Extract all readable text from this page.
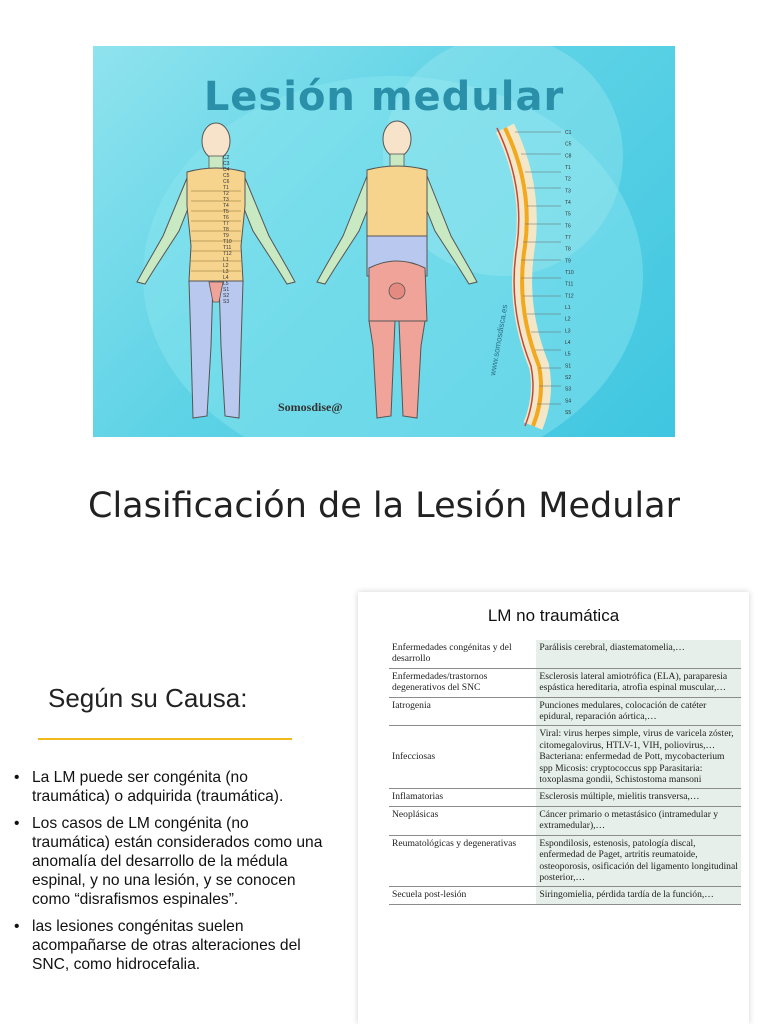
C1
C5
C8
T1
T2
T3
T4
T5
T6
T7
T8
T9
T10
T11
T12
L1
L2
L3
L4
L5
S1
S2
S3
S4
S5
C2
C3
C4
C5
C6
T1
T2
T3
T4
T5
T6
T7
T8
T9
T10
T11
T12
L1
L2
L3
L4
L5
S1
S2
S3
www.somosdisca.es
Lesión medular
Somosdise@
Clasificación de la Lesión Medular
Según su Causa:
• La LM puede ser congénita (no traumática) o adquirida (traumática).
• Los casos de LM congénita (no traumática) están considerados como una anomalía del desarrollo de la médula espinal, y no una lesión, y se conocen como “disrafismos espinales”.
• las lesiones congénitas suelen acompañarse de otras alteraciones del SNC, como hidrocefalia.
LM no traumática
Enfermedades congénitas y del desarrollo	Parálisis cerebral, diastematomelia,…
Enfermedades/trastornos degenerativos del SNC	Esclerosis lateral amiotrófica (ELA), paraparesia espástica hereditaria, atrofia espinal muscular,…
Iatrogenia	Punciones medulares, colocación de catéter epidural, reparación aórtica,…
Infecciosas	Viral: virus herpes simple, virus de varicela zóster, citomegalovirus, HTLV-1, VIH, poliovirus,… Bacteriana: enfermedad de Pott, mycobacterium spp Micosis: cryptococcus spp Parasitaria: toxoplasma gondii, Schistostoma mansoni
Inflamatorias	Esclerosis múltiple, mielitis transversa,…
Neoplásicas	Cáncer primario o metastásico (intramedular y extramedular),…
Reumatológicas y degenerativas	Espondilosis, estenosis, patología discal, enfermedad de Paget, artritis reumatoide, osteoporosis, osificación del ligamento longitudinal posterior,…
Secuela post-lesión	Siringomielia, pérdida tardía de la función,…
